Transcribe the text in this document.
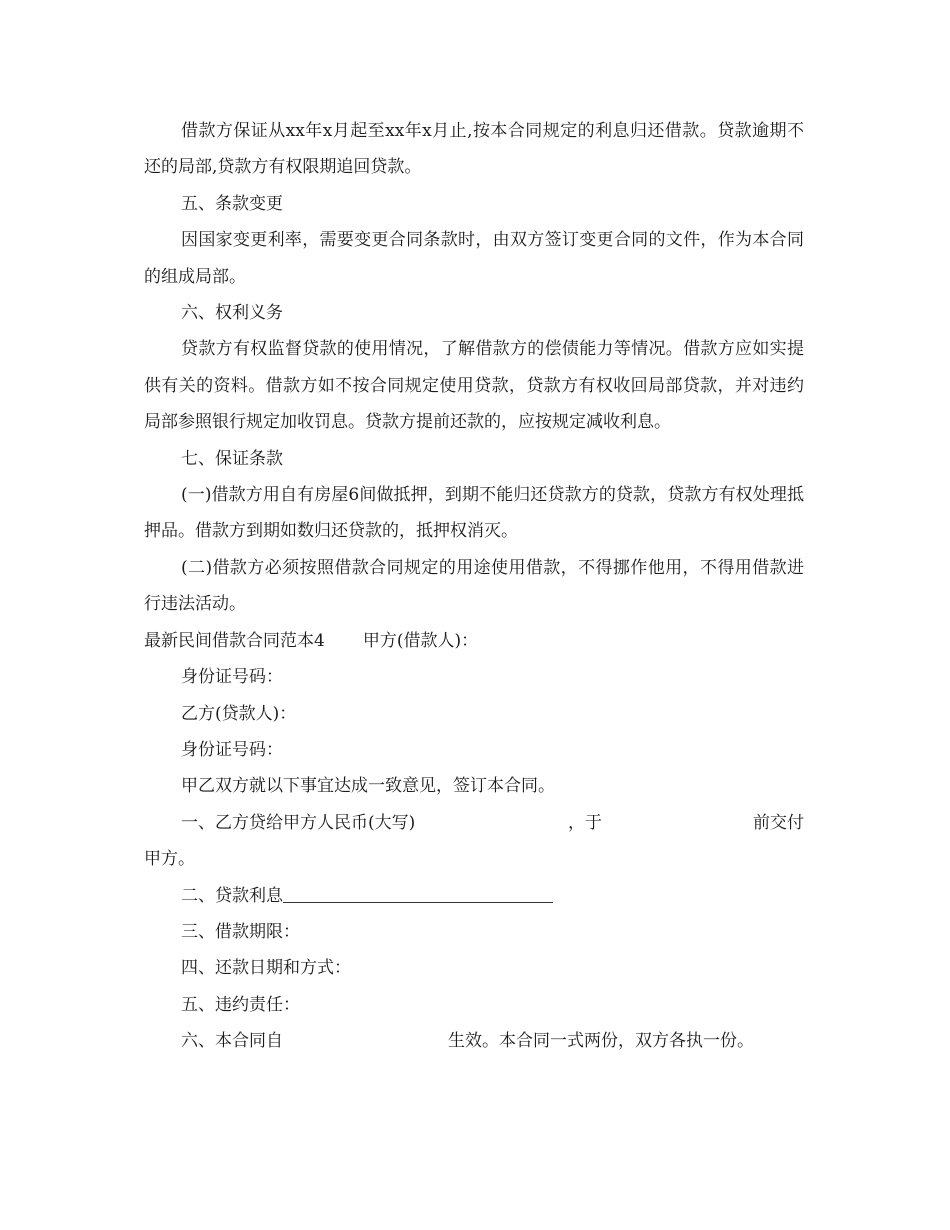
借款方保证从xx年x月起至xx年x月止,按本合同规定的利息归还借款。贷款逾期不还的局部,贷款方有权限期追回贷款。

五、条款变更

因国家变更利率，需要变更合同条款时，由双方签订变更合同的文件，作为本合同的组成局部。

六、权利义务

贷款方有权监督贷款的使用情况，了解借款方的偿债能力等情况。借款方应如实提供有关的资料。借款方如不按合同规定使用贷款，贷款方有权收回局部贷款，并对违约局部参照银行规定加收罚息。贷款方提前还款的，应按规定减收利息。

七、保证条款

(一)借款方用自有房屋6间做抵押，到期不能归还贷款方的贷款，贷款方有权处理抵押品。借款方到期如数归还贷款的，抵押权消灭。

(二)借款方必须按照借款合同规定的用途使用借款，不得挪作他用，不得用借款进行违法活动。

最新民间借款合同范本4 甲方(借款人)：

身份证号码：

乙方(贷款人)：

身份证号码：

甲乙双方就以下事宜达成一致意见，签订本合同。

一、乙方贷给甲方人民币(大写)	，于	前交付

甲方。

二、贷款利息

三、借款期限：

四、还款日期和方式：

五、违约责任：

六、本合同自	生效。本合同一式两份，双方各执一份。
